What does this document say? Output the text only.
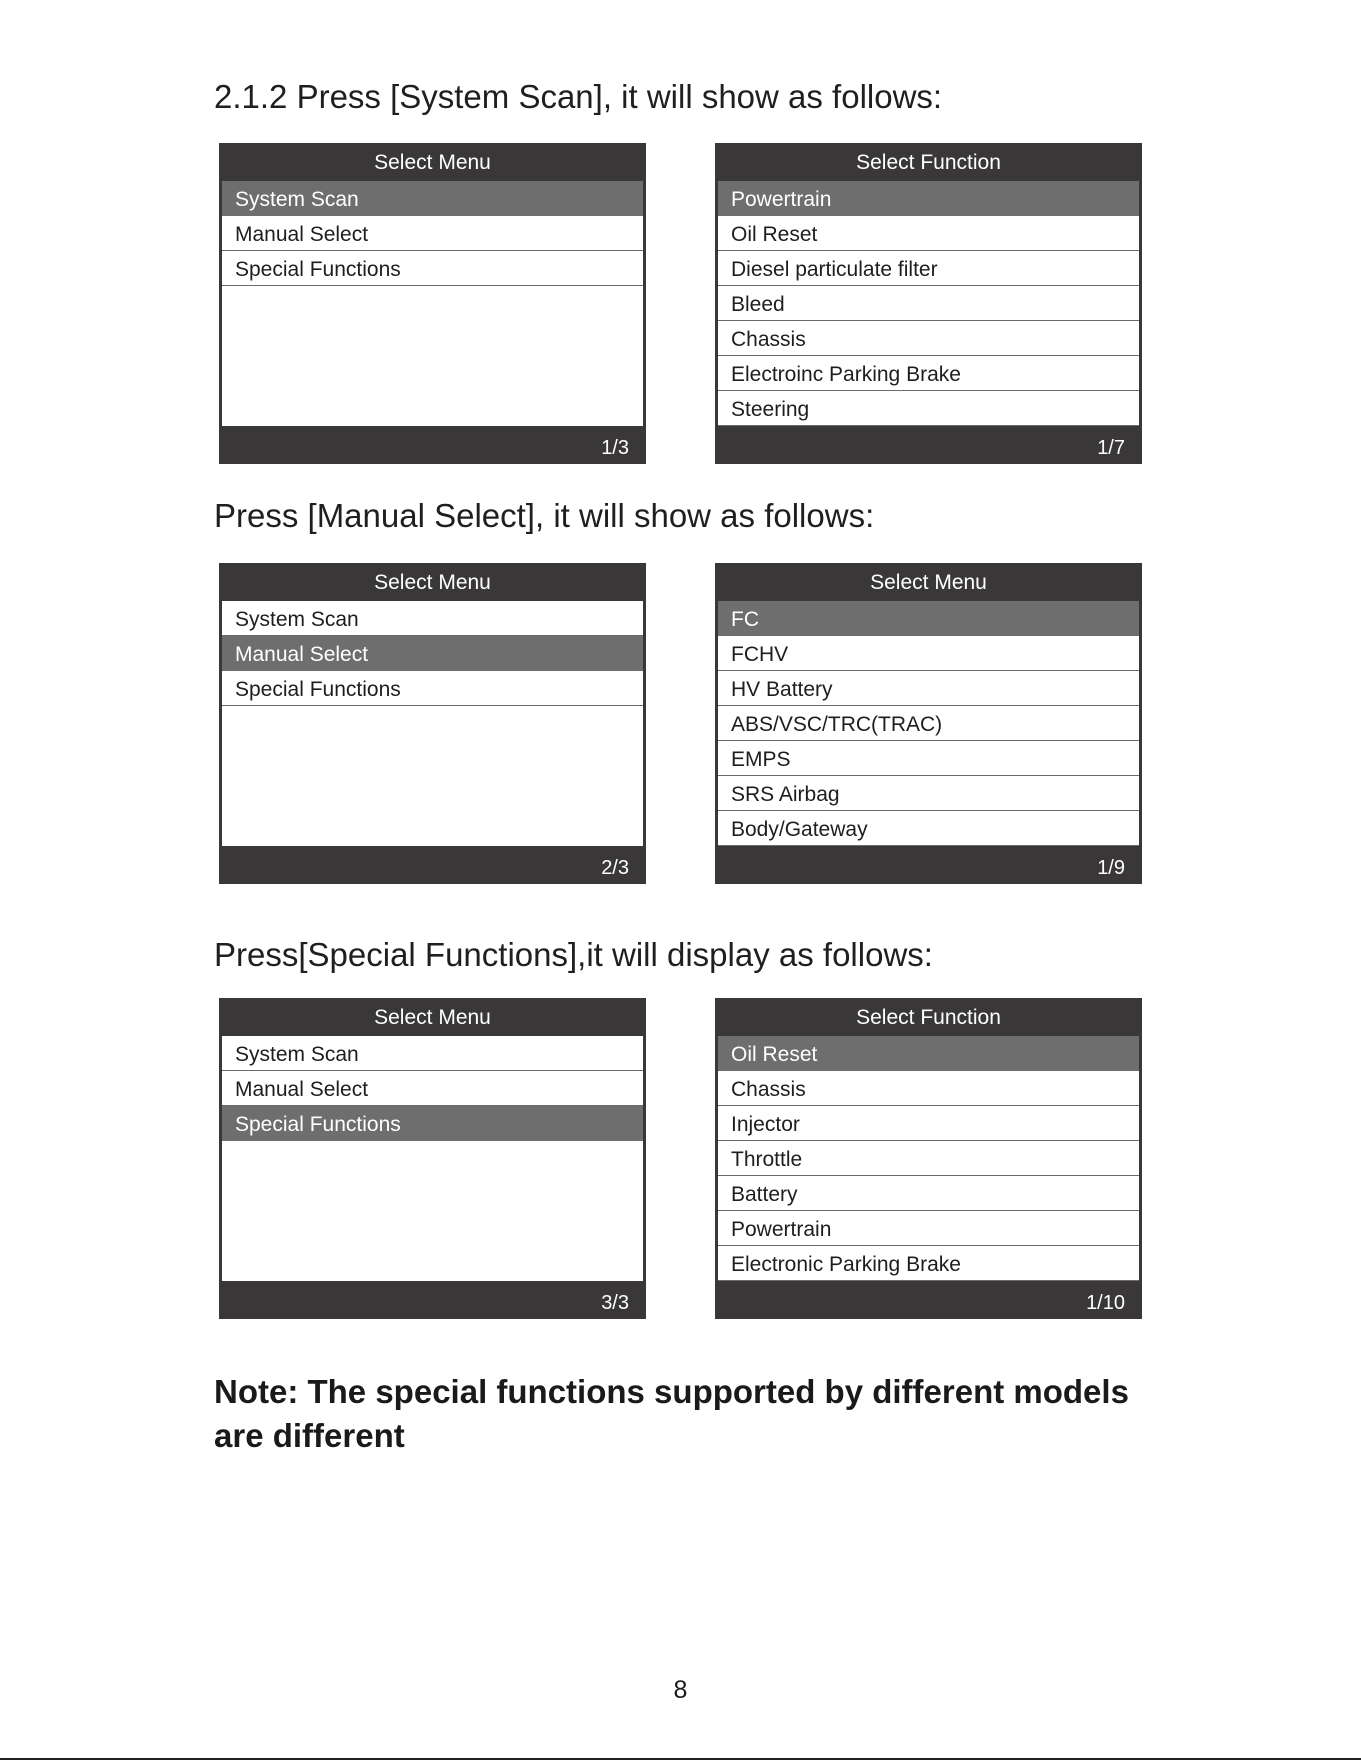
2.1.2 Press [System Scan], it will show as follows:
Select Menu
System Scan
Manual Select
Special Functions
1/3
Select Function
Powertrain
Oil Reset
Diesel particulate filter
Bleed
Chassis
Electroinc Parking Brake
Steering
1/7
Press [Manual Select], it will show as follows:
Select Menu
System Scan
Manual Select
Special Functions
2/3
Select Menu
FC
FCHV
HV Battery
ABS/VSC/TRC(TRAC)
EMPS
SRS Airbag
Body/Gateway
1/9
Press[Special Functions],it will display as follows:
Select Menu
System Scan
Manual Select
Special Functions
3/3
Select Function
Oil Reset
Chassis
Injector
Throttle
Battery
Powertrain
Electronic Parking Brake
1/10

Note: The special functions supported by different models are different

8
